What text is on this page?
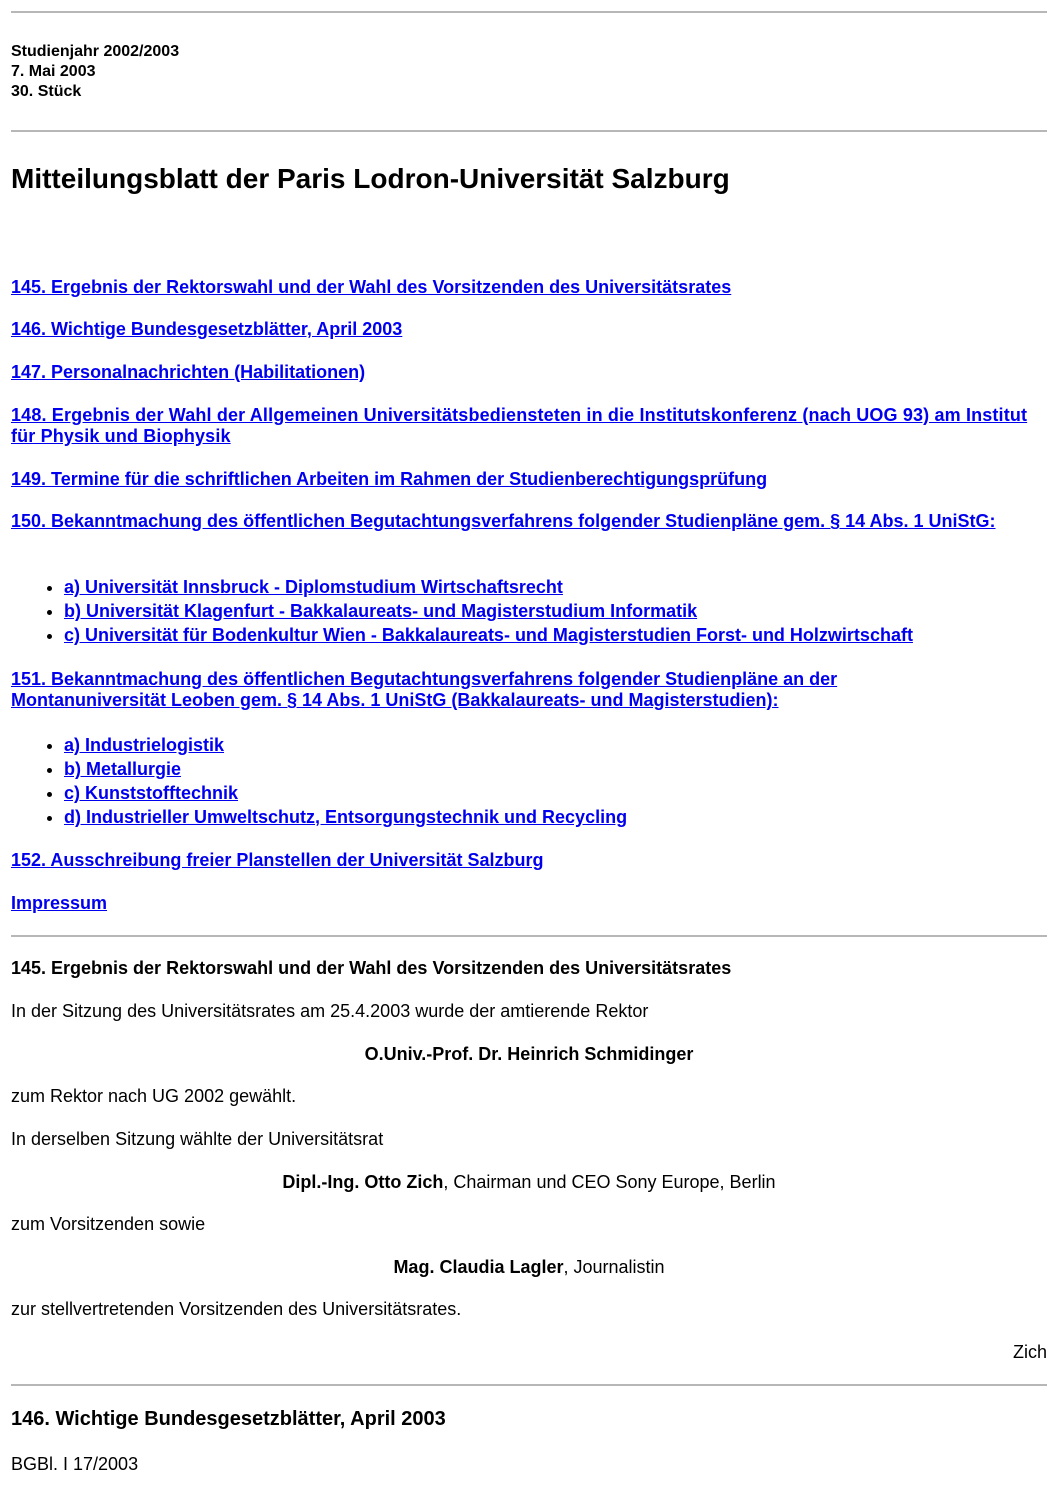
Studienjahr 2002/2003
7. Mai 2003
30. Stück
Mitteilungsblatt der Paris Lodron-Universität Salzburg
145. Ergebnis der Rektorswahl und der Wahl des Vorsitzenden des Universitätsrates
146. Wichtige Bundesgesetzblätter, April 2003
147. Personalnachrichten (Habilitationen)
148. Ergebnis der Wahl der Allgemeinen Universitätsbediensteten in die Institutskonferenz (nach UOG 93) am Institut für Physik und Biophysik
149. Termine für die schriftlichen Arbeiten im Rahmen der Studienberechtigungsprüfung
150. Bekanntmachung des öffentlichen Begutachtungsverfahrens folgender Studienpläne gem. § 14 Abs. 1 UniStG:
• a) Universität Innsbruck - Diplomstudium Wirtschaftsrecht
• b) Universität Klagenfurt - Bakkalaureats- und Magisterstudium Informatik
• c) Universität für Bodenkultur Wien - Bakkalaureats- und Magisterstudien Forst- und Holzwirtschaft
151. Bekanntmachung des öffentlichen Begutachtungsverfahrens folgender Studienpläne an der Montanuniversität Leoben gem. § 14 Abs. 1 UniStG (Bakkalaureats- und Magisterstudien):
• a) Industrielogistik
• b) Metallurgie
• c) Kunststofftechnik
• d) Industrieller Umweltschutz, Entsorgungstechnik und Recycling
152. Ausschreibung freier Planstellen der Universität Salzburg
Impressum
145. Ergebnis der Rektorswahl und der Wahl des Vorsitzenden des Universitätsrates
In der Sitzung des Universitätsrates am 25.4.2003 wurde der amtierende Rektor
O.Univ.-Prof. Dr. Heinrich Schmidinger
zum Rektor nach UG 2002 gewählt.
In derselben Sitzung wählte der Universitätsrat
Dipl.-Ing. Otto Zich, Chairman und CEO Sony Europe, Berlin
zum Vorsitzenden sowie
Mag. Claudia Lagler, Journalistin
zur stellvertretenden Vorsitzenden des Universitätsrates.
Zich
146. Wichtige Bundesgesetzblätter, April 2003
BGBl. I 17/2003
